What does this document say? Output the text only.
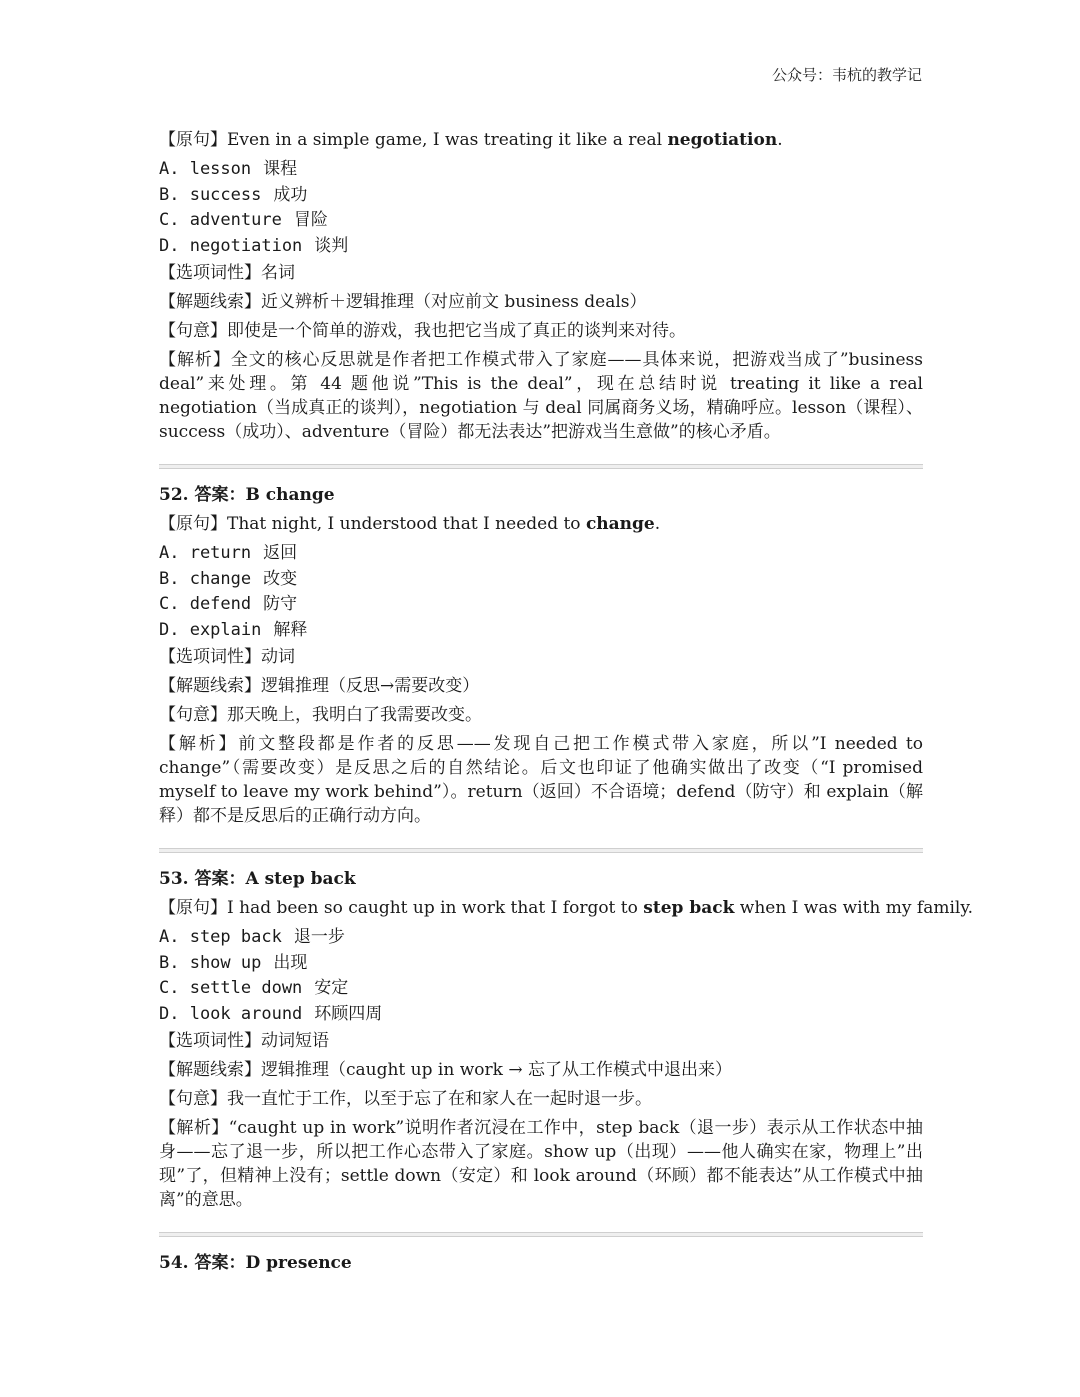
公众号：韦杭的教学记

【原句】Even in a simple game, I was treating it like a real negotiation.

A. lesson 课程

B. success 成功

C. adventure 冒险

D. negotiation 谈判

【选项词性】名词

【解题线索】近义辨析＋逻辑推理（对应前文 business deals）

【句意】即使是一个简单的游戏，我也把它当成了真正的谈判来对待。

【解析】全文的核心反思就是作者把工作模式带入了家庭——具体来说，把游戏当成了”business deal”来处理。第 44 题他说”This is the deal”，现在总结时说 treating it like a real negotiation（当成真正的谈判），negotiation 与 deal 同属商务义场，精确呼应。lesson（课程）、success（成功）、adventure（冒险）都无法表达”把游戏当生意做”的核心矛盾。

52. 答案：B change

【原句】That night, I understood that I needed to change.

A. return 返回

B. change 改变

C. defend 防守

D. explain 解释

【选项词性】动词

【解题线索】逻辑推理（反思→需要改变）

【句意】那天晚上，我明白了我需要改变。

【解析】前文整段都是作者的反思——发现自己把工作模式带入家庭，所以”I needed to change”（需要改变）是反思之后的自然结论。后文也印证了他确实做出了改变（“I promised myself to leave my work behind”）。return（返回）不合语境；defend（防守）和 explain（解释）都不是反思后的正确行动方向。

53. 答案：A step back

【原句】I had been so caught up in work that I forgot to step back when I was with my family.

A. step back 退一步

B. show up 出现

C. settle down 安定

D. look around 环顾四周

【选项词性】动词短语

【解题线索】逻辑推理（caught up in work → 忘了从工作模式中退出来）

【句意】我一直忙于工作，以至于忘了在和家人在一起时退一步。

【解析】“caught up in work”说明作者沉浸在工作中，step back（退一步）表示从工作状态中抽身——忘了退一步，所以把工作心态带入了家庭。show up（出现）——他人确实在家，物理上”出现”了，但精神上没有；settle down（安定）和 look around（环顾）都不能表达”从工作模式中抽离”的意思。

54. 答案：D presence
